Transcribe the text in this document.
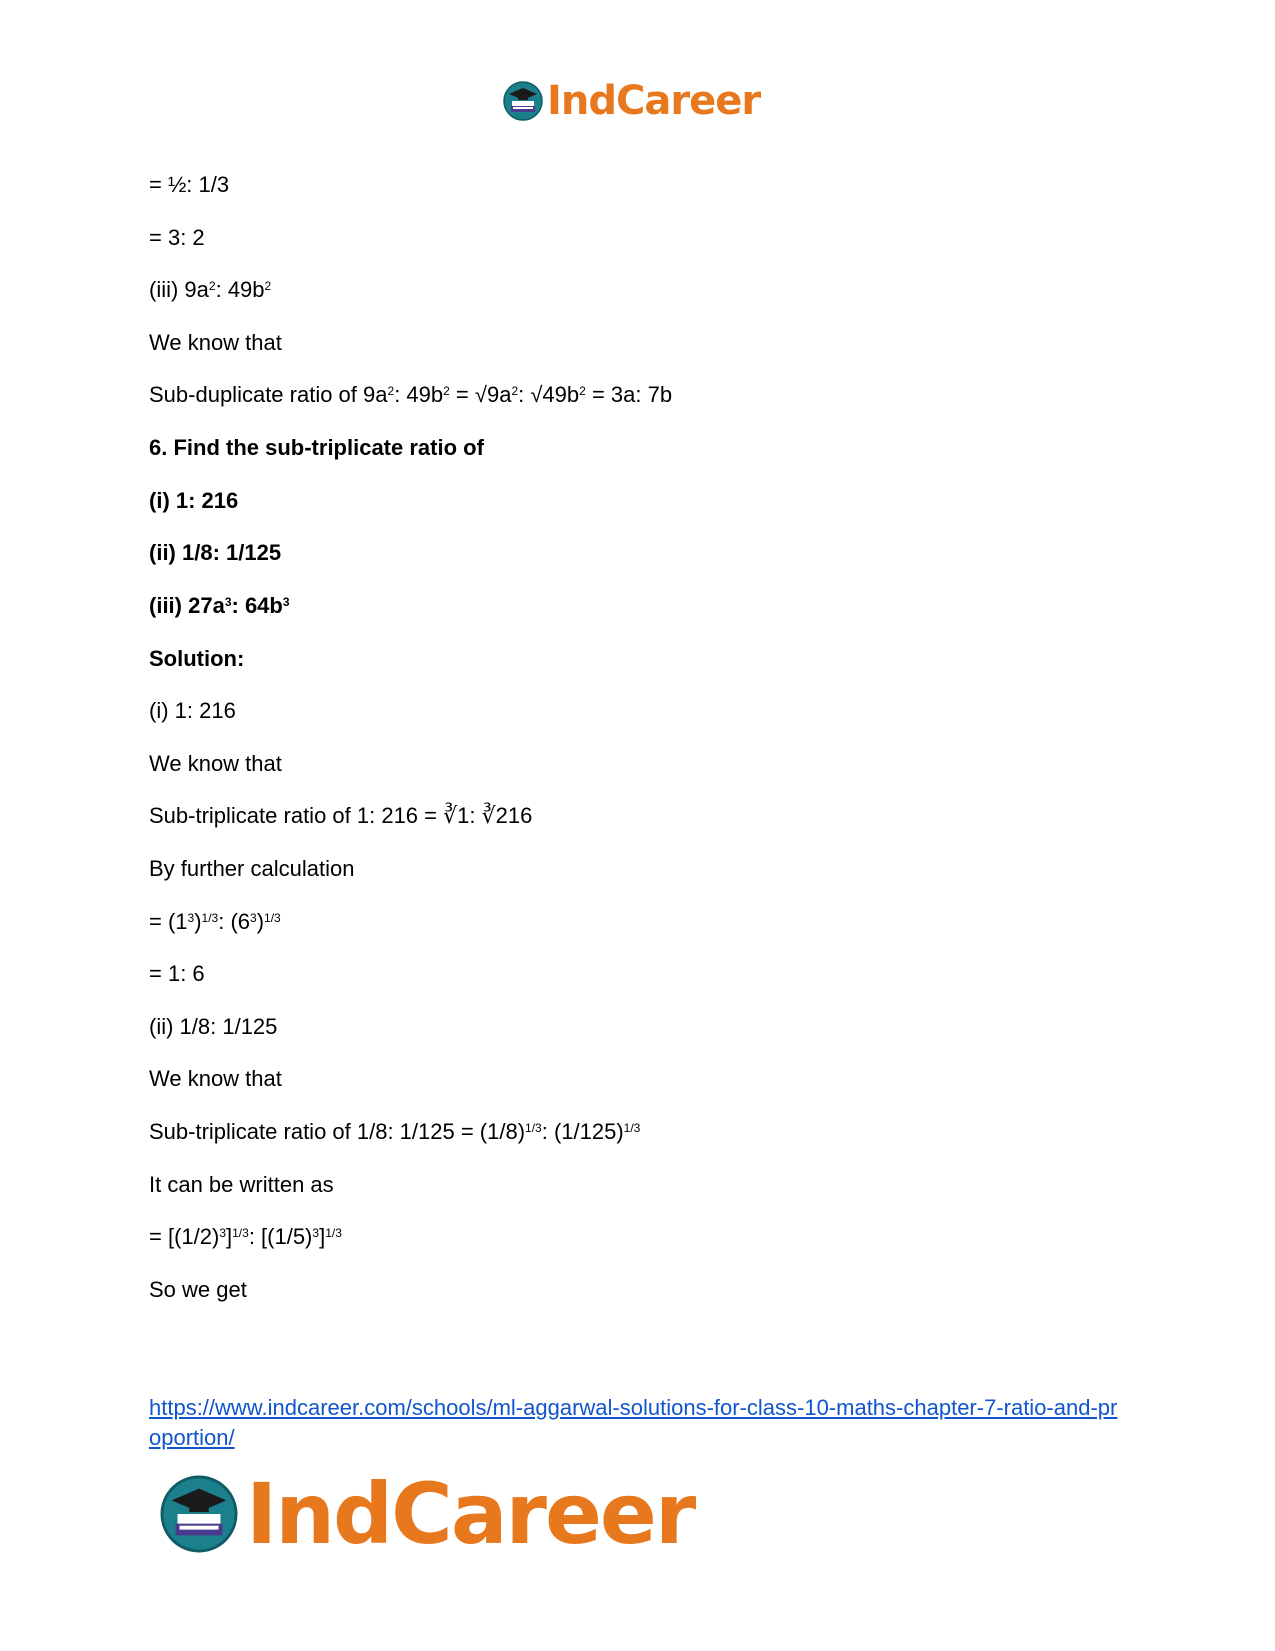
IndCareer
= ½: 1/3
= 3: 2
(iii) $9a^2$: $49b^2$
We know that
Sub-duplicate ratio of $9a^2$: $49b^2 = √9a^2$: $√49b^2 = 3a$: 7b
6. Find the sub-triplicate ratio of
(i) 1: 216
(ii) 1/8: 1/125
(iii) $27a^3$: $64b^3$
Solution:
(i) 1: 216
We know that
Sub-triplicate ratio of 1: 216 = ∛1: ∛216
By further calculation
= $(1^3)^{1/3}$: $(6^3)^{1/3}$
= 1: 6
(ii) 1/8: 1/125
We know that
Sub-triplicate ratio of 1/8: $1/125 = (1/8)^{1/3}$: $(1/125)^{1/3}$
It can be written as
= $[(1/2)^3]^{1/3}$: $[(1/5)^3]^{1/3}$
So we get
https://www.indcareer.com/schools/ml-aggarwal-solutions-for-class-10-maths-chapter-7-ratio-and-proportion/
IndCareer
